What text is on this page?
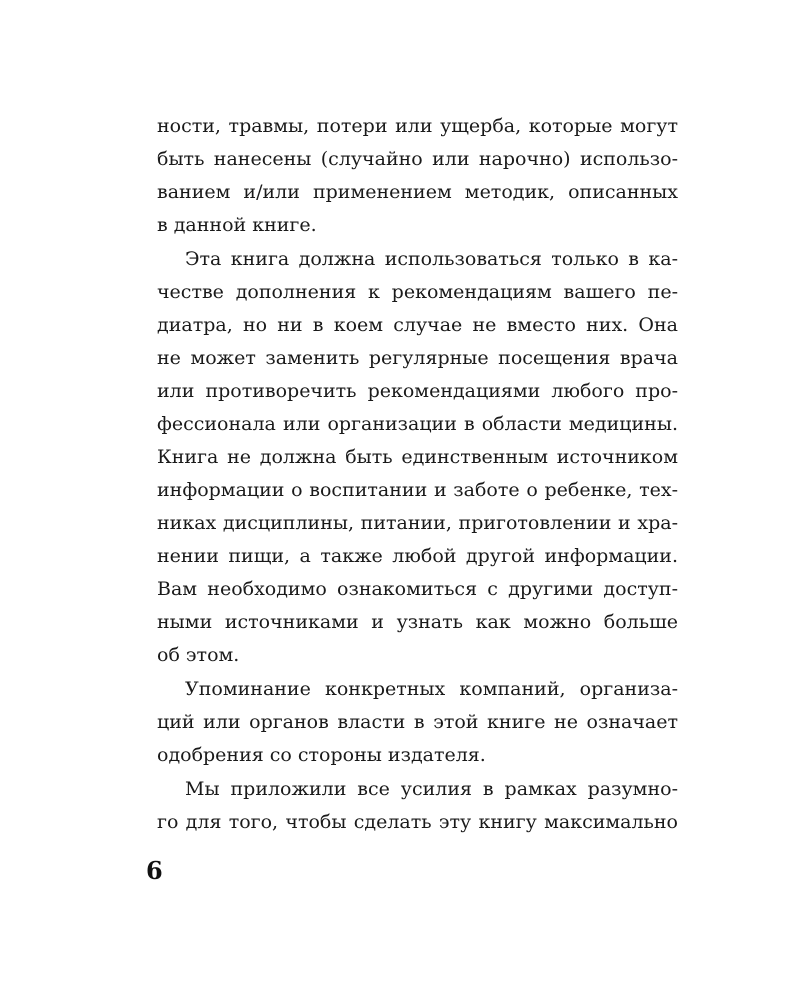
ности, травмы, потери или ущерба, которые могут
быть нанесены (случайно или нарочно) использо-
ванием и/или применением методик, описанных
в данной книге.
Эта книга должна использоваться только в ка-
честве дополнения к рекомендациям вашего пе-
диатра, но ни в коем случае не вместо них. Она
не может заменить регулярные посещения врача
или противоречить рекомендациями любого про-
фессионала или организации в области медицины.
Книга не должна быть единственным источником
информации о воспитании и заботе о ребенке, тех-
никах дисциплины, питании, приготовлении и хра-
нении пищи, а также любой другой информации.
Вам необходимо ознакомиться с другими доступ-
ными источниками и узнать как можно больше
об этом.
Упоминание конкретных компаний, организа-
ций или органов власти в этой книге не означает
одобрения со стороны издателя.
Мы приложили все усилия в рамках разумно-
го для того, чтобы сделать эту книгу максимально
6
